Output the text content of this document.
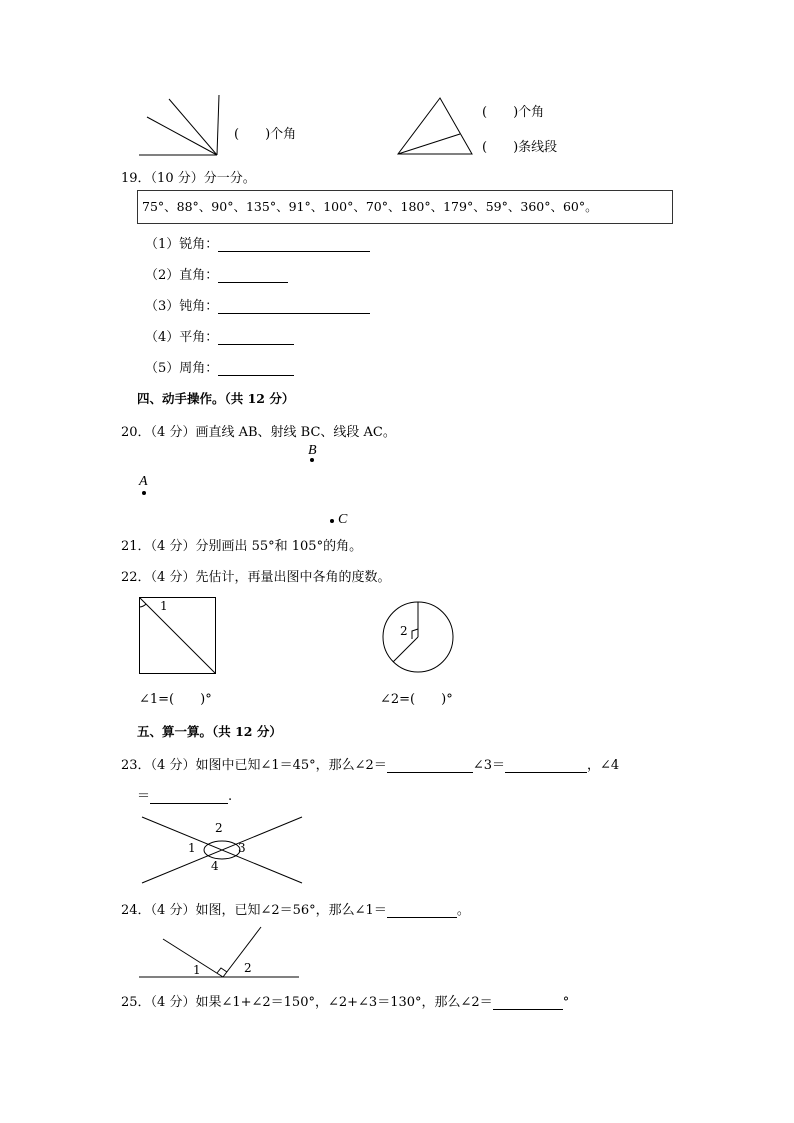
(　　)个角
(　　)个角
(　　)条线段
19．（10 分）分一分。
75°、88°、90°、135°、91°、100°、70°、180°、179°、59°、360°、60°。
（1）锐角：
（2）直角：
（3）钝角：
（4）平角：
（5）周角：
四、动手操作。（共 12 分）
20．（4 分）画直线 AB、射线 BC、线段 AC。
B
A
C
21．（4 分）分别画出 55°和 105°的角。
22．（4 分）先估计，再量出图中各角的度数。
1
2
∠1=(　　)°	∠2=(　　)°
五、算一算。（共 12 分）
23．（4 分）如图中已知∠1＝45°，那么∠2＝	∠3＝	，∠4
＝	.
1
2
3
4
24．（4 分）如图，已知∠2＝56°，那么∠1＝	。
1	2
25．（4 分）如果∠1+∠2＝150°，∠2+∠3＝130°，那么∠2＝	°
